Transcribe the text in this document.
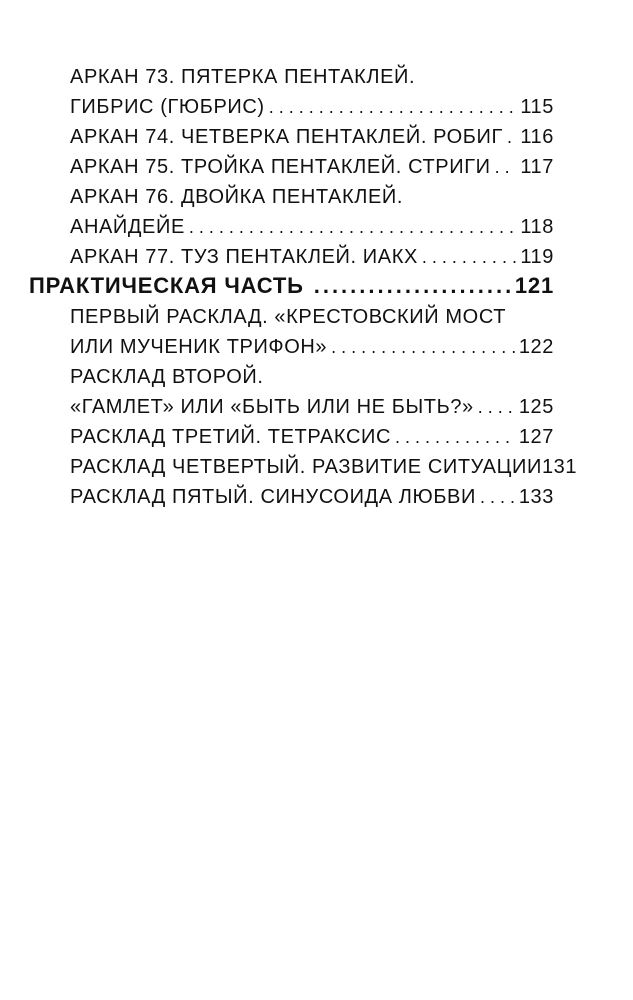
АРКАН 73. ПЯТЕРКА ПЕНТАКЛЕЙ.
ГИБРИС (ГЮБРИС) . . .	115
АРКАН 74. ЧЕТВЕРКА ПЕНТАКЛЕЙ. РОБИГ . . . 116
АРКАН 75. ТРОЙКА ПЕНТАКЛЕЙ. СТРИГИ . . . 117
АРКАН 76. ДВОЙКА ПЕНТАКЛЕЙ.
АНАЙДЕЙЕ . . .	118
АРКАН 77. ТУЗ ПЕНТАКЛЕЙ. ИАКХ . . .	119
ПРАКТИЧЕСКАЯ ЧАСТЬ .....	121
ПЕРВЫЙ РАСКЛАД. «КРЕСТОВСКИЙ МОСТ
ИЛИ МУЧЕНИК ТРИФОН» . . .	122
РАСКЛАД ВТОРОЙ.
«ГАМЛЕТ» ИЛИ «БЫТЬ ИЛИ НЕ БЫТЬ?» . . . 125
РАСКЛАД ТРЕТИЙ. ТЕТРАКСИС . . .	127
РАСКЛАД ЧЕТВЕРТЫЙ. РАЗВИТИЕ СИТУАЦИИ 131
РАСКЛАД ПЯТЫЙ. СИНУСОИДА ЛЮБВИ . . . 133
